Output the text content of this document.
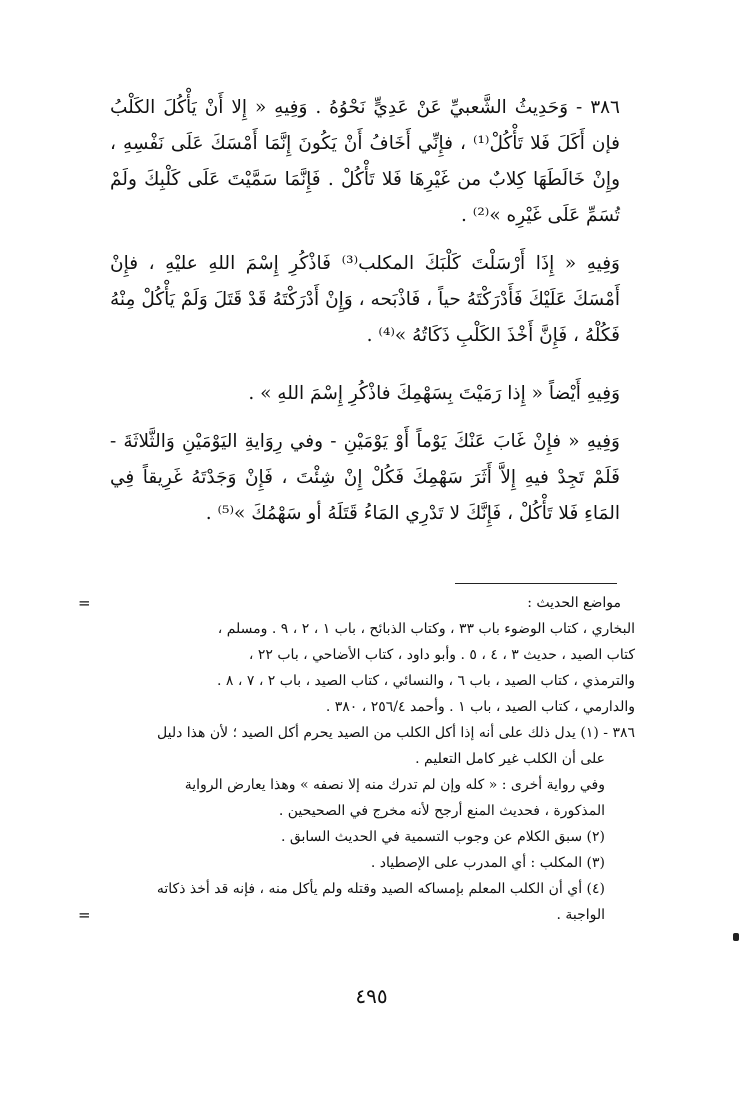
٣٨٦ - وَحَدِيثُ الشَّعبيِّ عَنْ عَدِيٍّ نَحْوُهُ . وَفِيهِ « إِلا أَنْ يَأْكُلَ الكَلْبُ فإن أَكَلَ فَلا تَأْكُلْ⁽¹⁾ ، فإِنِّي أَخَافُ أَنْ يَكُونَ إِنَّمَا أَمْسَكَ عَلَى نَفْسِهِ ، وإِنْ خَالَطَهَا كِلابٌ من غَيْرِهَا فَلا تَأْكُلْ . فَإِنَّمَا سَمَّيْتَ عَلَى كَلْبِكَ ولَمْ تُسَمِّ عَلَى غَيْرِه »⁽²⁾ .

وَفِيهِ « إِذَا أَرْسَلْتَ كَلْبَكَ المكلب⁽³⁾ فَاذْكُرِ إِسْمَ اللهِ عليْهِ ، فإِنْ أَمْسَكَ عَلَيْكَ فَأَدْرَكْتَهُ حياً ، فَاذْبَحه ، وَإِنْ أَدْرَكْتَهُ قَدْ قَتَلَ وَلَمْ يَأْكُلْ مِنْهُ فَكُلْهُ ، فَإِنَّ أَخْذَ الكَلْبِ ذَكَاتُهُ »⁽⁴⁾ .

وَفِيهِ أَيْضاً « إِذا رَمَيْتَ بِسَهْمِكَ فاذْكُرِ إِسْمَ اللهِ » .

وَفِيهِ « فإِنْ غَابَ عَنْكَ يَوْماً أَوْ يَوْمَيْنِ - وفي رِوَايةِ اليَوْمَيْنِ وَالثَّلاثَةَ - فَلَمْ تَجِدْ فيهِ إِلاَّ أَثَرَ سَهْمِكَ فَكُلْ إِنْ شِئْتَ ، فَإِنْ وَجَدْتَهُ غَرِيقاً فِي المَاءِ فَلا تَأْكُلْ ، فَإِنَّكَ لا تَدْرِي المَاءُ قَتَلَهُ أو سَهْمُكَ »⁽⁵⁾ .

=	مواضع الحديث :
البخاري ، كتاب الوضوء باب ٣٣ ، وكتاب الذبائح ، باب ١ ، ٢ ، ٩ . ومسلم ،
كتاب الصيد ، حديث ٣ ، ٤ ، ٥ . وأبو داود ، كتاب الأضاحي ، باب ٢٢ ،
والترمذي ، كتاب الصيد ، باب ٦ ، والنسائي ، كتاب الصيد ، باب ٢ ، ٧ ، ٨ .
والدارمي ، كتاب الصيد ، باب ١ . وأحمد ٢٥٦/٤ ، ٣٨٠ .
٣٨٦ - (١) يدل ذلك على أنه إذا أكل الكلب من الصيد يحرم أكل الصيد ؛ لأن هذا دليل
على أن الكلب غير كامل التعليم .
وفي رواية أخرى : « كله وإن لم تدرك منه إلا نصفه » وهذا يعارض الرواية
المذكورة ، فحديث المنع أرجح لأنه مخرج في الصحيحين .
(٢) سبق الكلام عن وجوب التسمية في الحديث السابق .
(٣) المكلب : أي المدرب على الإصطياد .
(٤) أي أن الكلب المعلم بإمساكه الصيد وقتله ولم يأكل منه ، فإنه قد أخذ ذكاته
الواجبة .
=
٤٩٥
